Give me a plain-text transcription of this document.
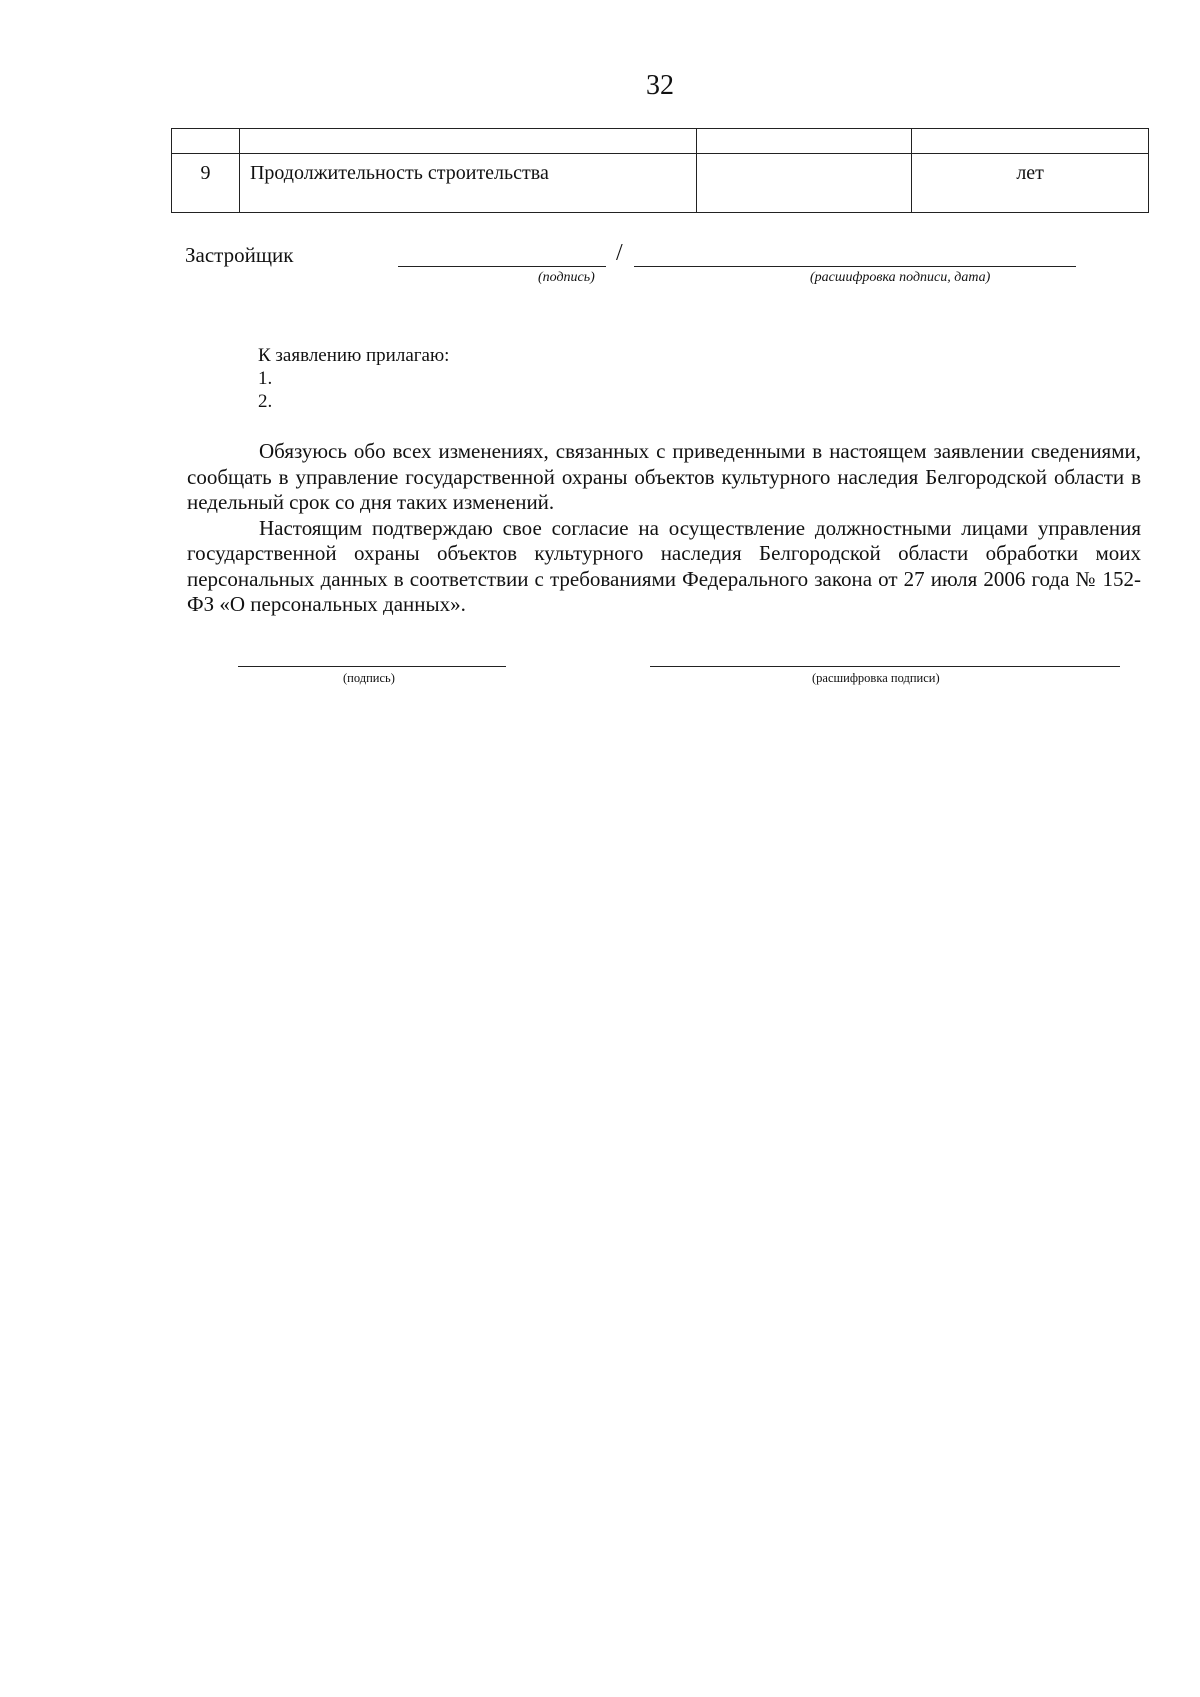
32

9	Продолжительность строительства		лет
Застройщик	/
(подпись)	(расшифровка подписи, дата)
К заявлению прилагаю:
1.
2.

Обязуюсь обо всех изменениях, связанных с приведенными в настоящем заявлении сведениями, сообщать в управление государственной охраны объектов культурного наследия Белгородской области в недельный срок со дня таких изменений.

Настоящим подтверждаю свое согласие на осуществление должностными лицами управления государственной охраны объектов культурного наследия Белгородской области обработки моих персональных данных в соответствии с требованиями Федерального закона от 27 июля 2006 года № 152-ФЗ «О персональных данных».

(подпись)	(расшифровка подписи)
